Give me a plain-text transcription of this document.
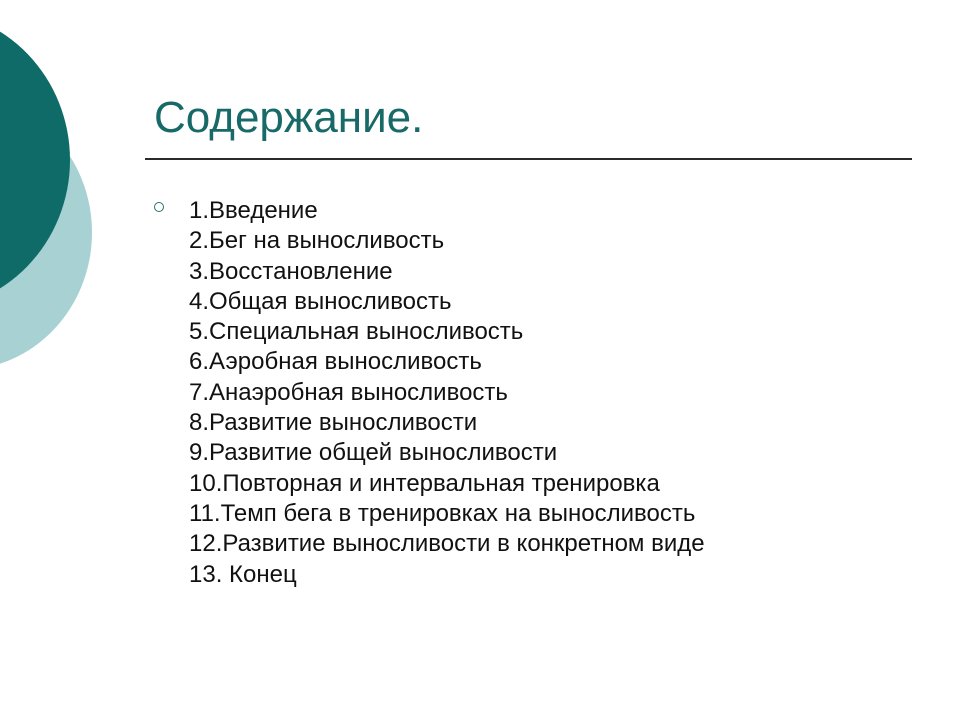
Содержание.
1.Введение
2.Бег на выносливость
3.Восстановление
4.Общая выносливость
5.Специальная выносливость
6.Аэробная выносливость
7.Анаэробная выносливость
8.Развитие выносливости
9.Развитие общей выносливости
10.Повторная и интервальная тренировка
11.Темп бега в тренировках на выносливость
12.Развитие выносливости в конкретном виде
13. Конец
